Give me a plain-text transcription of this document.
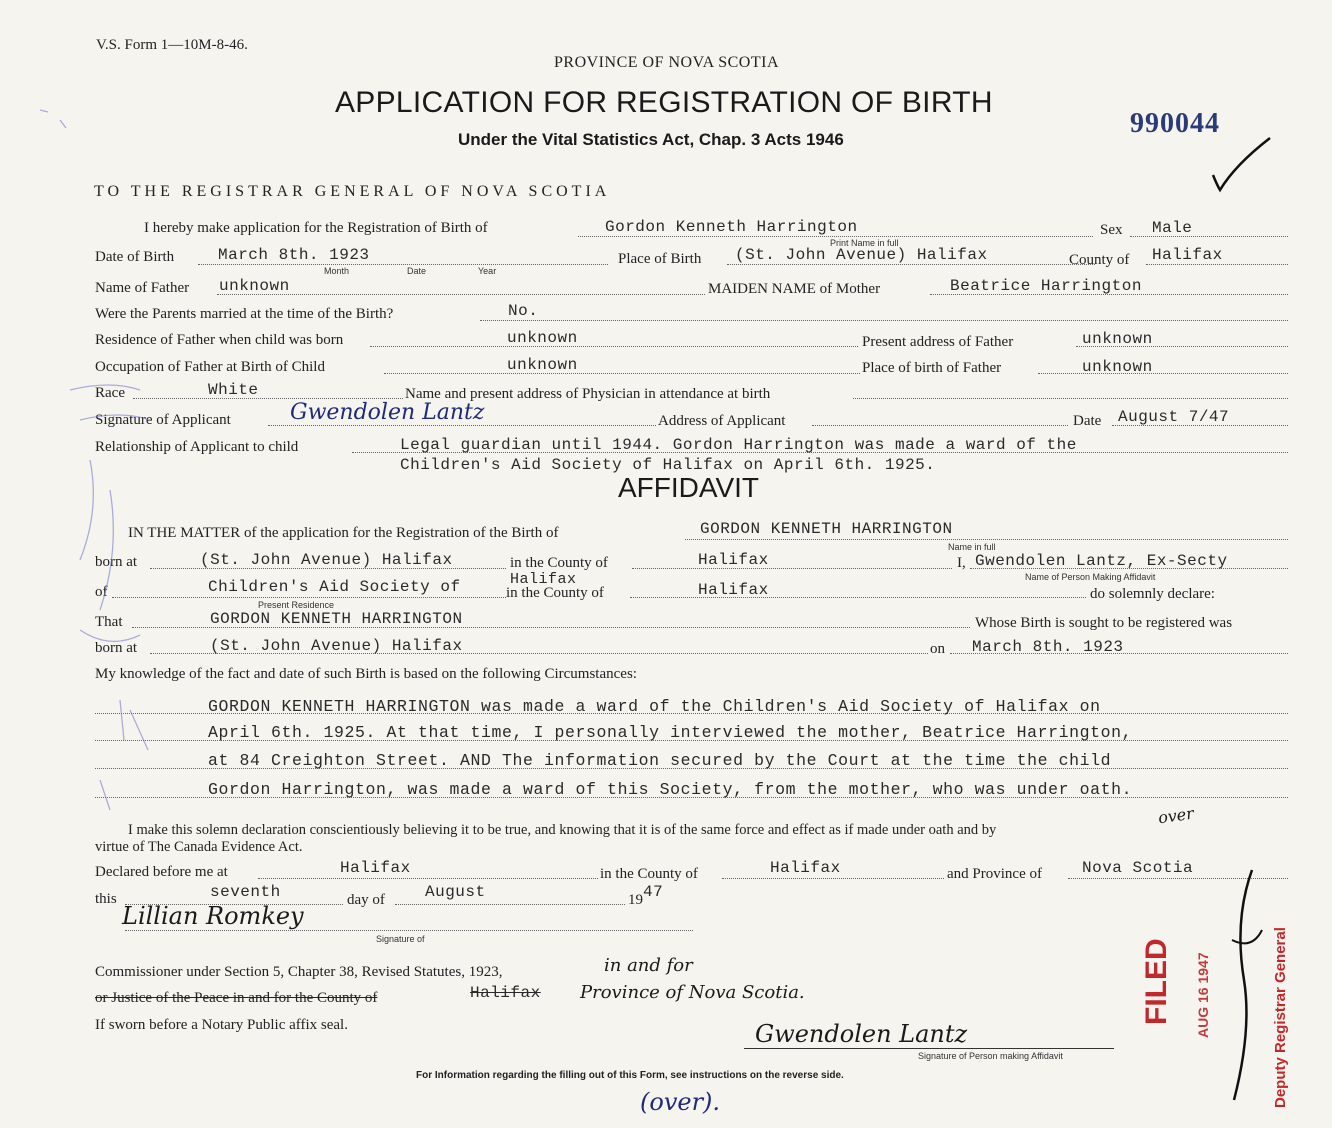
V.S. Form 1—10M-8-46.
PROVINCE OF NOVA SCOTIA
APPLICATION FOR REGISTRATION OF BIRTH
Under the Vital Statistics Act, Chap. 3 Acts 1946
990044
TO THE REGISTRAR GENERAL OF NOVA SCOTIA
I hereby make application for the Registration of Birth of	Gordon Kenneth Harrington
Print Name in full
Sex Male
Date of Birth	March 8th. 1923
Month	Date	Year
Place of Birth (St. John Avenue) Halifax	County of Halifax
Name of Father unknown	MAIDEN NAME of Mother	Beatrice Harrington
Were the Parents married at the time of the Birth?	No.
Residence of Father when child was born	unknown	Present address of Father	unknown
Occupation of Father at Birth of Child	unknown	Place of birth of Father	unknown
Race	White	Name and present address of Physician in attendance at birth
Signature of Applicant	Gwendolen Lantz	Address of Applicant	Date August 7/47
Relationship of Applicant to child	Legal guardian until 1944. Gordon Harrington was made a ward of the
Children's Aid Society of Halifax on April 6th. 1925.
AFFIDAVIT
IN THE MATTER of the application for the Registration of the Birth of	GORDON KENNETH HARRINGTON
Name in full
born at	(St. John Avenue) Halifax	in the County of	Halifax	I, Gwendolen Lantz, Ex-Secty
Name of Person Making Affidavit
of	Children's Aid Society of	Halifax
Present Residence
in the County of	Halifax	do solemnly declare:
That	GORDON KENNETH HARRINGTON	Whose Birth is sought to be registered was
born at	(St. John Avenue) Halifax	on March 8th. 1923
My knowledge of the fact and date of such Birth is based on the following Circumstances:
GORDON KENNETH HARRINGTON was made a ward of the Children's Aid Society of Halifax on
April 6th. 1925. At that time, I personally interviewed the mother, Beatrice Harrington,
at 84 Creighton Street. AND The information secured by the Court at the time the child
Gordon Harrington, was made a ward of this Society, from the mother, who was under oath.
I make this solemn declaration conscientiously believing it to be true, and knowing that it is of the same force and effect as if made under oath and by
virtue of The Canada Evidence Act.
over
Declared before me at	Halifax	in the County of	Halifax	and Province of	Nova Scotia
this	seventh	day of	August	19 47
Lillian Romkey
Signature of
Commissioner under Section 5, Chapter 38, Revised Statutes, 1923,	in and for
or Justice of the Peace in and for the County of	Halifax Province of Nova Scotia.
If sworn before a Notary Public affix seal.	Gwendolen Lantz
Signature of Person making Affidavit
For Information regarding the filling out of this Form, see instructions on the reverse side.
(over).
FILED AUG 16 1947	Deputy Registrar General
